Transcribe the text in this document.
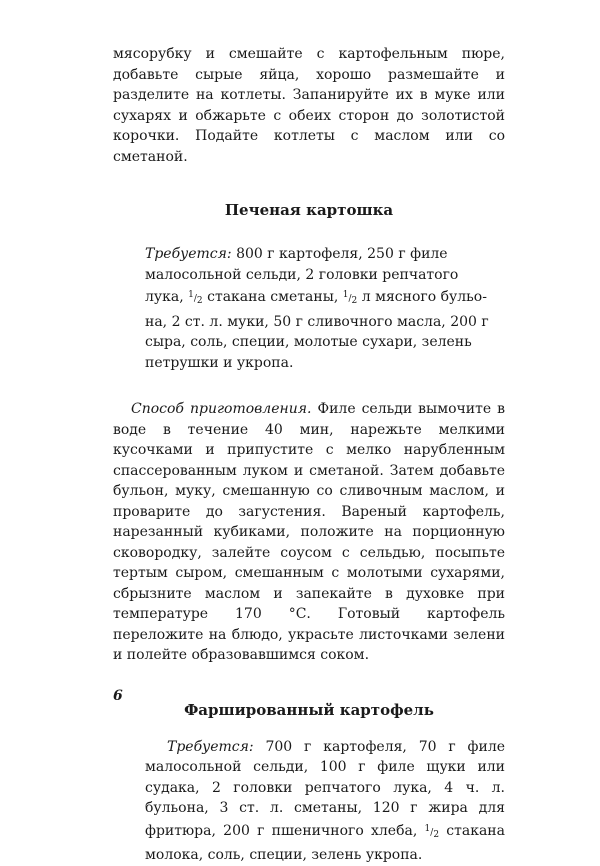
мясорубку и смешайте с картофельным пюре, добавьте сырые яйца, хорошо размешайте и разделите на котлеты. Запанируйте их в муке или сухарях и обжарьте с обеих сторон до золотистой корочки. Подайте котлеты с маслом или со сметаной.

Печеная картошка

Требуется: 800 г картофеля, 250 г филе
малосольной сельди, 2 головки репчатого
лука, $^1/_2$ стакана сметаны, $^1/_2$ л мясного бульо-
на, 2 ст. л. муки, 50 г сливочного масла, 200 г
сыра, соль, специи, молотые сухари, зелень
петрушки и укропа.

Способ приготовления. Филе сельди вымочите в воде в течение 40 мин, нарежьте мелкими кусочками и припустите с мелко нарубленным спассерованным луком и сметаной. Затем добавьте бульон, муку, смешанную со сливочным маслом, и проварите до загустения. Вареный картофель, нарезанный кубиками, положите на порционную сковородку, залейте соусом с сельдью, посыпьте тертым сыром, смешанным с молотыми сухарями, сбрызните маслом и запекайте в духовке при температуре 170 °С. Готовый картофель переложите на блюдо, украсьте листочками зелени и полейте образовавшимся соком.

Фаршированный картофель

Требуется: 700 г картофеля, 70 г филе малосольной сельди, 100 г филе щуки или судака, 2 головки репчатого лука, 4 ч. л. бульона, 3 ст. л. сметаны, 120 г жира для фритюра, 200 г пшеничного хлеба, $^1/_2$ стакана молока, соль, специи, зелень укропа.

6
